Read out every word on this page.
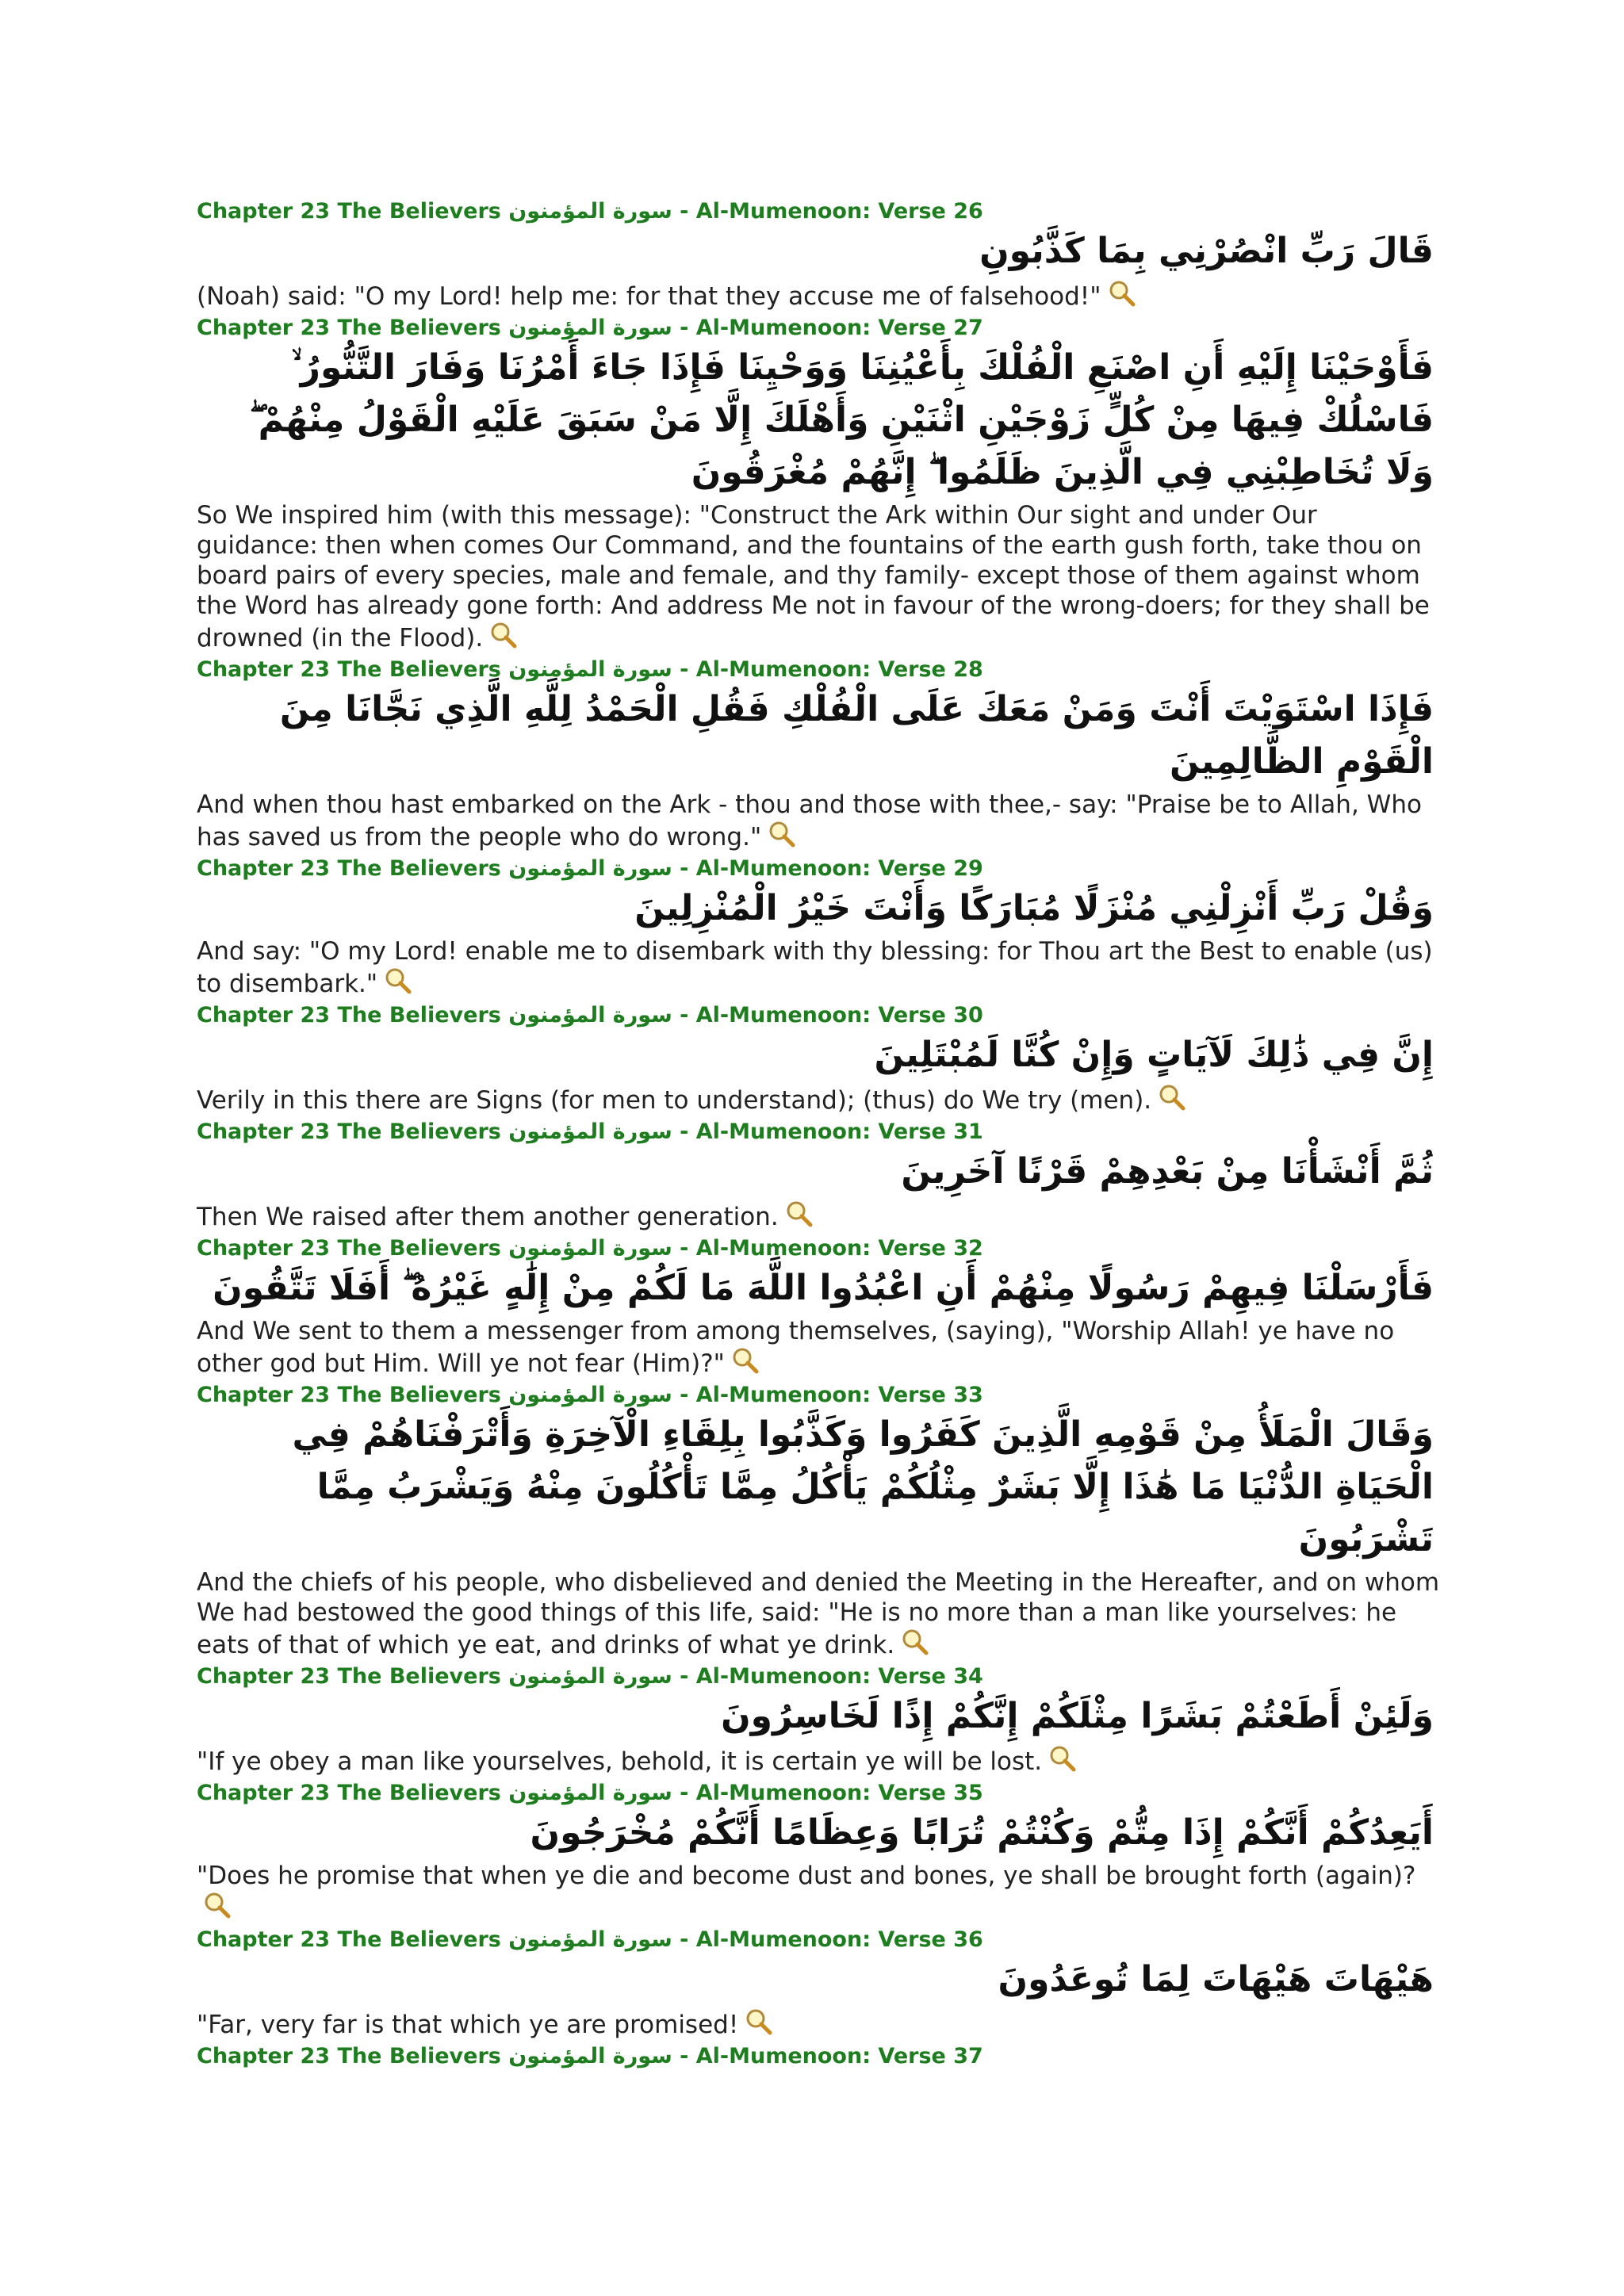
Chapter 23 The Believers سورة المؤمنون - Al-Mumenoon: Verse 26
قَالَ رَبِّ انْصُرْنِي بِمَا كَذَّبُونِ
(Noah) said: "O my Lord! help me: for that they accuse me of falsehood!"
Chapter 23 The Believers سورة المؤمنون - Al-Mumenoon: Verse 27
فَأَوْحَيْنَا إِلَيْهِ أَنِ اصْنَعِ الْفُلْكَ بِأَعْيُنِنَا وَوَحْيِنَا فَإِذَا جَاءَ أَمْرُنَا وَفَارَ التَّنُّورُ ۙ فَاسْلُكْ فِيهَا مِنْ كُلٍّ زَوْجَيْنِ اثْنَيْنِ وَأَهْلَكَ إِلَّا مَنْ سَبَقَ عَلَيْهِ الْقَوْلُ مِنْهُمْ ۖ وَلَا تُخَاطِبْنِي فِي الَّذِينَ ظَلَمُوا ۖ إِنَّهُمْ مُغْرَقُونَ
So We inspired him (with this message): "Construct the Ark within Our sight and under Our guidance: then when comes Our Command, and the fountains of the earth gush forth, take thou on board pairs of every species, male and female, and thy family- except those of them against whom the Word has already gone forth: And address Me not in favour of the wrong-doers; for they shall be drowned (in the Flood).
Chapter 23 The Believers سورة المؤمنون - Al-Mumenoon: Verse 28
فَإِذَا اسْتَوَيْتَ أَنْتَ وَمَنْ مَعَكَ عَلَى الْفُلْكِ فَقُلِ الْحَمْدُ لِلَّهِ الَّذِي نَجَّانَا مِنَ الْقَوْمِ الظَّالِمِينَ
And when thou hast embarked on the Ark - thou and those with thee,- say: "Praise be to Allah, Who has saved us from the people who do wrong."
Chapter 23 The Believers سورة المؤمنون - Al-Mumenoon: Verse 29
وَقُلْ رَبِّ أَنْزِلْنِي مُنْزَلًا مُبَارَكًا وَأَنْتَ خَيْرُ الْمُنْزِلِينَ
And say: "O my Lord! enable me to disembark with thy blessing: for Thou art the Best to enable (us) to disembark."
Chapter 23 The Believers سورة المؤمنون - Al-Mumenoon: Verse 30
إِنَّ فِي ذَٰلِكَ لَآيَاتٍ وَإِنْ كُنَّا لَمُبْتَلِينَ
Verily in this there are Signs (for men to understand); (thus) do We try (men).
Chapter 23 The Believers سورة المؤمنون - Al-Mumenoon: Verse 31
ثُمَّ أَنْشَأْنَا مِنْ بَعْدِهِمْ قَرْنًا آخَرِينَ
Then We raised after them another generation.
Chapter 23 The Believers سورة المؤمنون - Al-Mumenoon: Verse 32
فَأَرْسَلْنَا فِيهِمْ رَسُولًا مِنْهُمْ أَنِ اعْبُدُوا اللَّهَ مَا لَكُمْ مِنْ إِلَٰهٍ غَيْرُهُ ۖ أَفَلَا تَتَّقُونَ
And We sent to them a messenger from among themselves, (saying), "Worship Allah! ye have no other god but Him. Will ye not fear (Him)?"
Chapter 23 The Believers سورة المؤمنون - Al-Mumenoon: Verse 33
وَقَالَ الْمَلَأُ مِنْ قَوْمِهِ الَّذِينَ كَفَرُوا وَكَذَّبُوا بِلِقَاءِ الْآخِرَةِ وَأَتْرَفْنَاهُمْ فِي الْحَيَاةِ الدُّنْيَا مَا هَٰذَا إِلَّا بَشَرٌ مِثْلُكُمْ يَأْكُلُ مِمَّا تَأْكُلُونَ مِنْهُ وَيَشْرَبُ مِمَّا تَشْرَبُونَ
And the chiefs of his people, who disbelieved and denied the Meeting in the Hereafter, and on whom We had bestowed the good things of this life, said: "He is no more than a man like yourselves: he eats of that of which ye eat, and drinks of what ye drink.
Chapter 23 The Believers سورة المؤمنون - Al-Mumenoon: Verse 34
وَلَئِنْ أَطَعْتُمْ بَشَرًا مِثْلَكُمْ إِنَّكُمْ إِذًا لَخَاسِرُونَ
"If ye obey a man like yourselves, behold, it is certain ye will be lost.
Chapter 23 The Believers سورة المؤمنون - Al-Mumenoon: Verse 35
أَيَعِدُكُمْ أَنَّكُمْ إِذَا مِتُّمْ وَكُنْتُمْ تُرَابًا وَعِظَامًا أَنَّكُمْ مُخْرَجُونَ
"Does he promise that when ye die and become dust and bones, ye shall be brought forth (again)?
Chapter 23 The Believers سورة المؤمنون - Al-Mumenoon: Verse 36
هَيْهَاتَ هَيْهَاتَ لِمَا تُوعَدُونَ
"Far, very far is that which ye are promised!
Chapter 23 The Believers سورة المؤمنون - Al-Mumenoon: Verse 37
